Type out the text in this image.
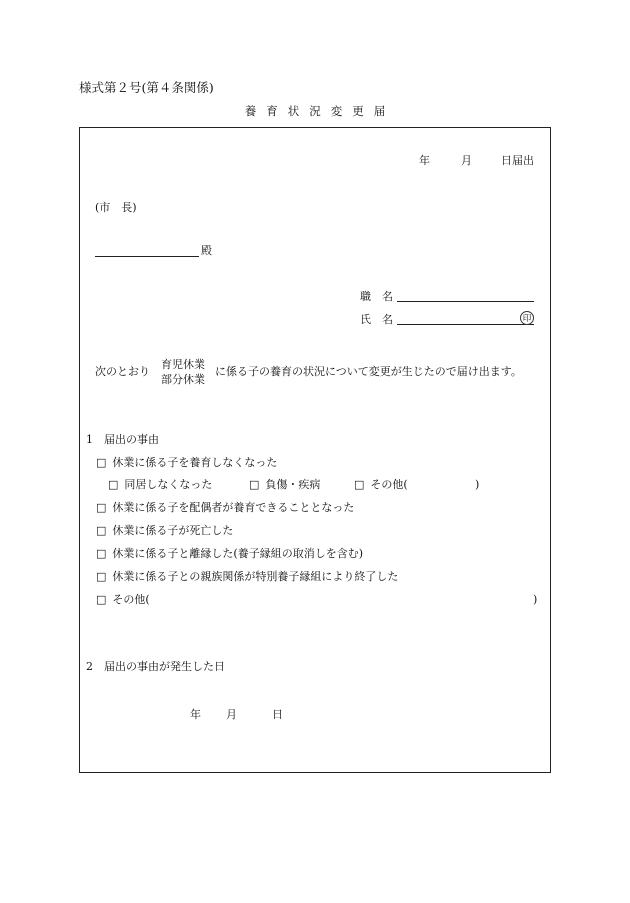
様式第２号(第４条関係)
養育状況変更届
年	月	日届出
(市　長)
殿
職　名
氏　名	印
次のとおり
育児休業
部分休業
に係る子の養育の状況について変更が生じたので届け出ます。
1　届出の事由
□ 休業に係る子を養育しなくなった
□ 同居しなくなった	□ 負傷・疾病	□ その他(	)
□ 休業に係る子を配偶者が養育できることとなった
□ 休業に係る子が死亡した
□ 休業に係る子と離縁した(養子縁組の取消しを含む)
□ 休業に係る子との親族関係が特別養子縁組により終了した
□ その他(	)
2　届出の事由が発生した日
年 月	日
